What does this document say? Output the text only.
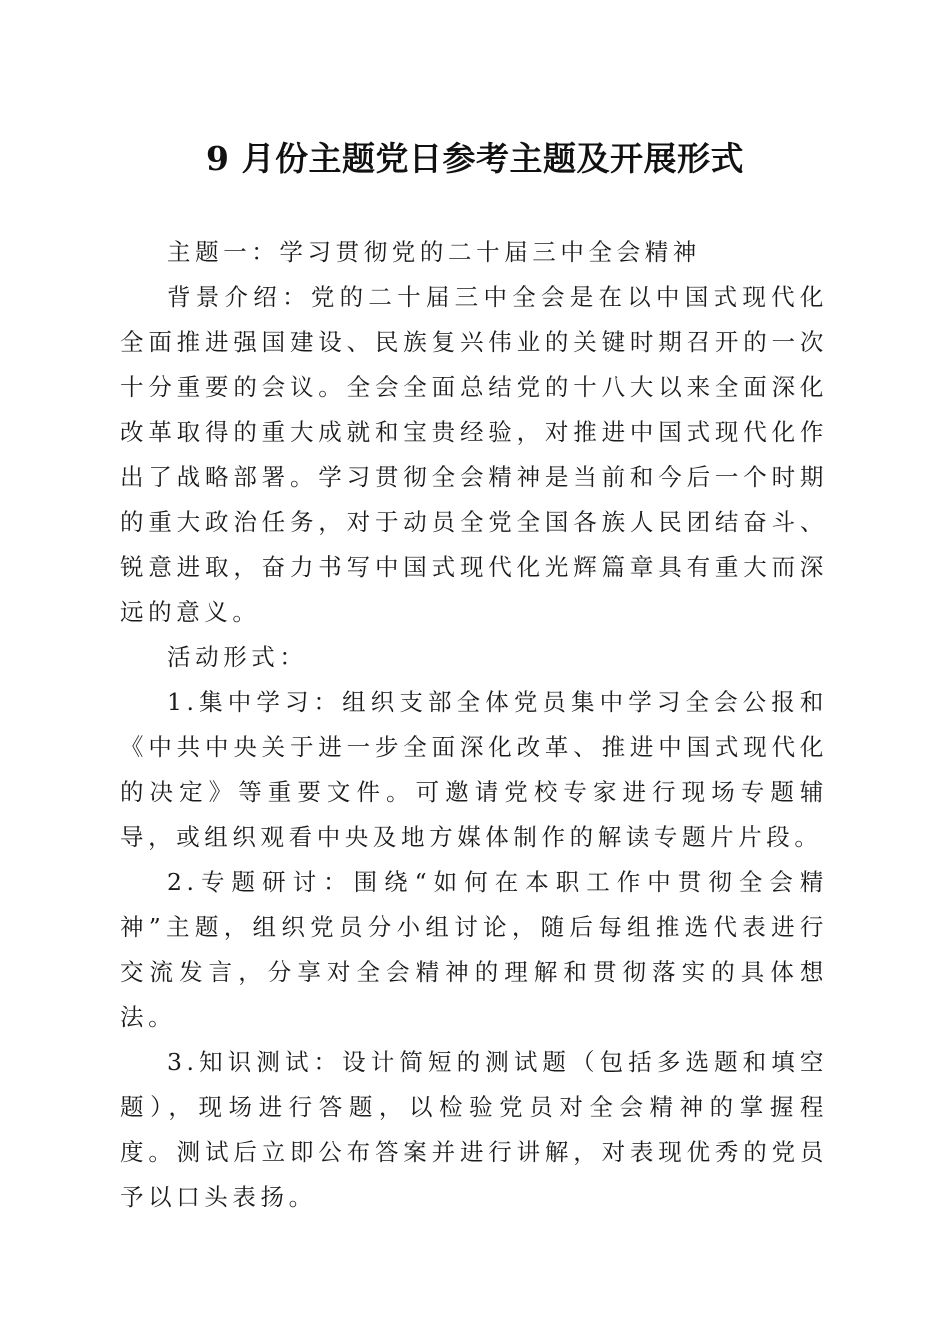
9 月份主题党日参考主题及开展形式

主题一：学习贯彻党的二十届三中全会精神

背景介绍：党的二十届三中全会是在以中国式现代化全面推进强国建设、民族复兴伟业的关键时期召开的一次十分重要的会议。全会全面总结党的十八大以来全面深化改革取得的重大成就和宝贵经验，对推进中国式现代化作出了战略部署。学习贯彻全会精神是当前和今后一个时期的重大政治任务，对于动员全党全国各族人民团结奋斗、锐意进取，奋力书写中国式现代化光辉篇章具有重大而深远的意义。

活动形式：

1.集中学习：组织支部全体党员集中学习全会公报和《中共中央关于进一步全面深化改革、推进中国式现代化的决定》等重要文件。可邀请党校专家进行现场专题辅导，或组织观看中央及地方媒体制作的解读专题片片段。

2.专题研讨：围绕“如何在本职工作中贯彻全会精神”主题，组织党员分小组讨论，随后每组推选代表进行交流发言，分享对全会精神的理解和贯彻落实的具体想法。

3.知识测试：设计简短的测试题（包括多选题和填空题），现场进行答题，以检验党员对全会精神的掌握程度。测试后立即公布答案并进行讲解，对表现优秀的党员予以口头表扬。
